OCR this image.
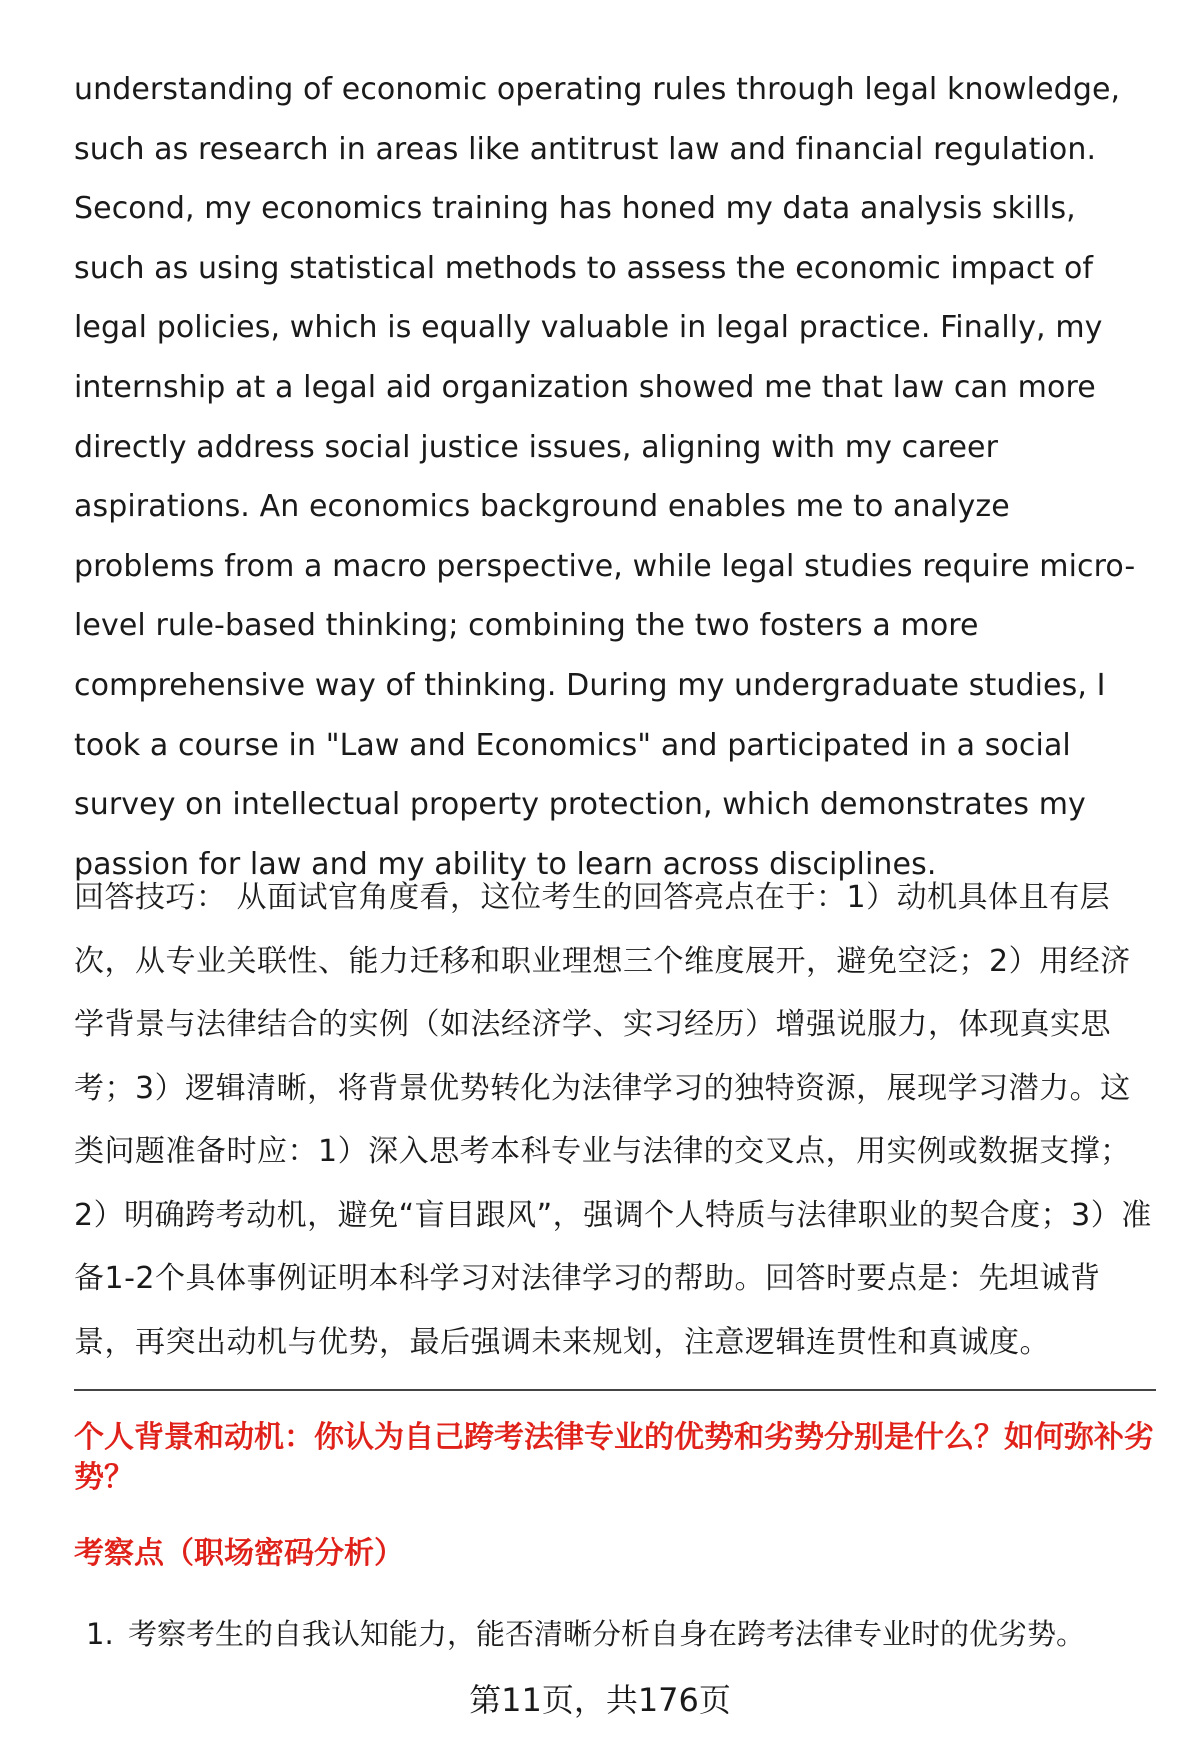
understanding of economic operating rules through legal knowledge, such as research in areas like antitrust law and financial regulation. Second, my economics training has honed my data analysis skills, such as using statistical methods to assess the economic impact of legal policies, which is equally valuable in legal practice. Finally, my internship at a legal aid organization showed me that law can more directly address social justice issues, aligning with my career aspirations. An economics background enables me to analyze problems from a macro perspective, while legal studies require micro-level rule-based thinking; combining the two fosters a more comprehensive way of thinking. During my undergraduate studies, I took a course in "Law and Economics" and participated in a social survey on intellectual property protection, which demonstrates my passion for law and my ability to learn across disciplines.

回答技巧： 从面试官角度看，这位考生的回答亮点在于：1）动机具体且有层次，从专业关联性、能力迁移和职业理想三个维度展开，避免空泛；2）用经济学背景与法律结合的实例（如法经济学、实习经历）增强说服力，体现真实思考；3）逻辑清晰，将背景优势转化为法律学习的独特资源，展现学习潜力。这类问题准备时应：1）深入思考本科专业与法律的交叉点，用实例或数据支撑；2）明确跨考动机，避免“盲目跟风”，强调个人特质与法律职业的契合度；3）准备1-2个具体事例证明本科学习对法律学习的帮助。回答时要点是：先坦诚背景，再突出动机与优势，最后强调未来规划，注意逻辑连贯性和真诚度。

个人背景和动机：你认为自己跨考法律专业的优势和劣势分别是什么？如何弥补劣势？
考察点（职场密码分析）
1. 考察考生的自我认知能力，能否清晰分析自身在跨考法律专业时的优劣势。
第11页，共176页
